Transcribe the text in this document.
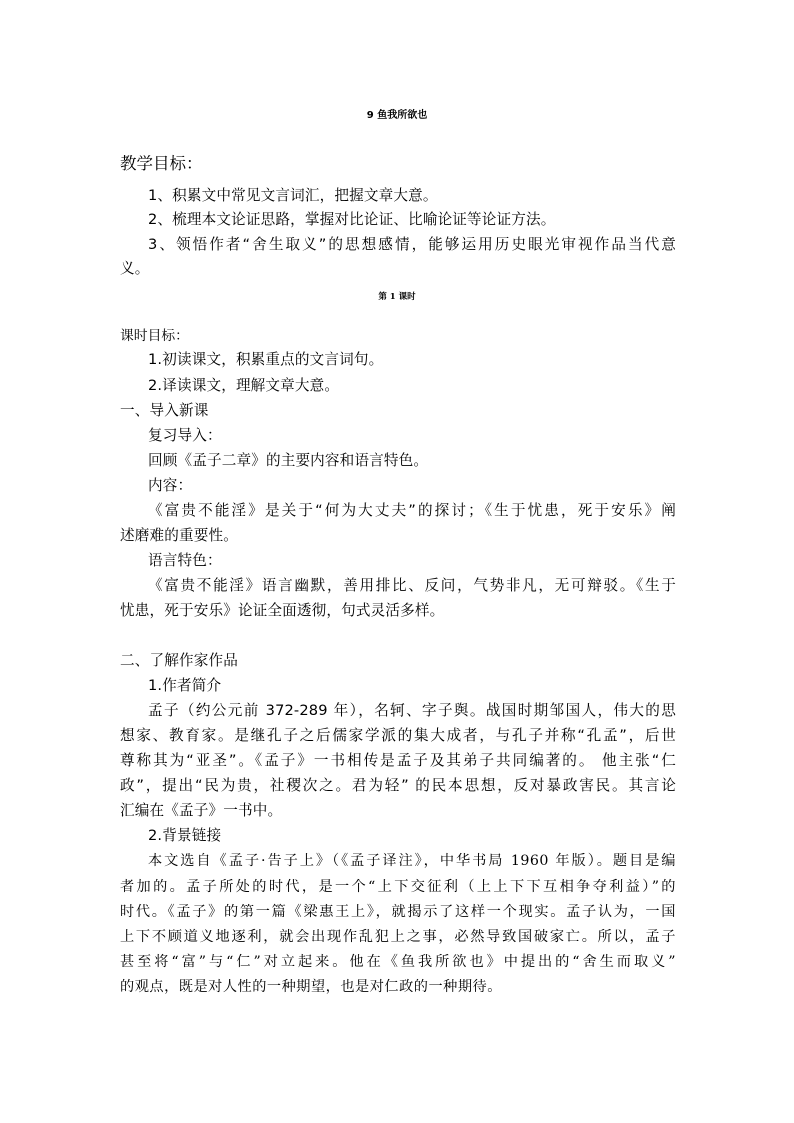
9 鱼我所欲也
教学目标：
1、积累文中常见文言词汇，把握文章大意。
2、梳理本文论证思路，掌握对比论证、比喻论证等论证方法。
3、领悟作者“舍生取义”的思想感情，能够运用历史眼光审视作品当代意
义。
第 1 课时
课时目标：
1.初读课文，积累重点的文言词句。
2.译读课文，理解文章大意。
一、导入新课
复习导入：
回顾《孟子二章》的主要内容和语言特色。
内容：
《富贵不能淫》是关于“何为大丈夫”的探讨；《生于忧患，死于安乐》阐
述磨难的重要性。
语言特色：
《富贵不能淫》语言幽默，善用排比、反问，气势非凡，无可辩驳。《生于
忧患，死于安乐》论证全面透彻，句式灵活多样。
二、了解作家作品
1.作者简介
孟子（约公元前 372-289 年），名轲、字子舆。战国时期邹国人，伟大的思
想家、教育家。是继孔子之后儒家学派的集大成者，与孔子并称“孔孟”，后世
尊称其为“亚圣”。《孟子》一书相传是孟子及其弟子共同编著的。 他主张“仁
政”，提出“民为贵，社稷次之。君为轻” 的民本思想，反对暴政害民。其言论
汇编在《孟子》一书中。
2.背景链接
本文选自《孟子·告子上》（《孟子译注》，中华书局 1960 年版）。题目是编
者加的。孟子所处的时代，是一个“上下交征利（上上下下互相争夺利益）”的
时代。《孟子》的第一篇《梁惠王上》，就揭示了这样一个现实。孟子认为，一国
上下不顾道义地逐利，就会出现作乱犯上之事，必然导致国破家亡。所以，孟子
甚至将“富”与“仁”对立起来。他在《鱼我所欲也》中提出的“舍生而取义”
的观点，既是对人性的一种期望，也是对仁政的一种期待。
